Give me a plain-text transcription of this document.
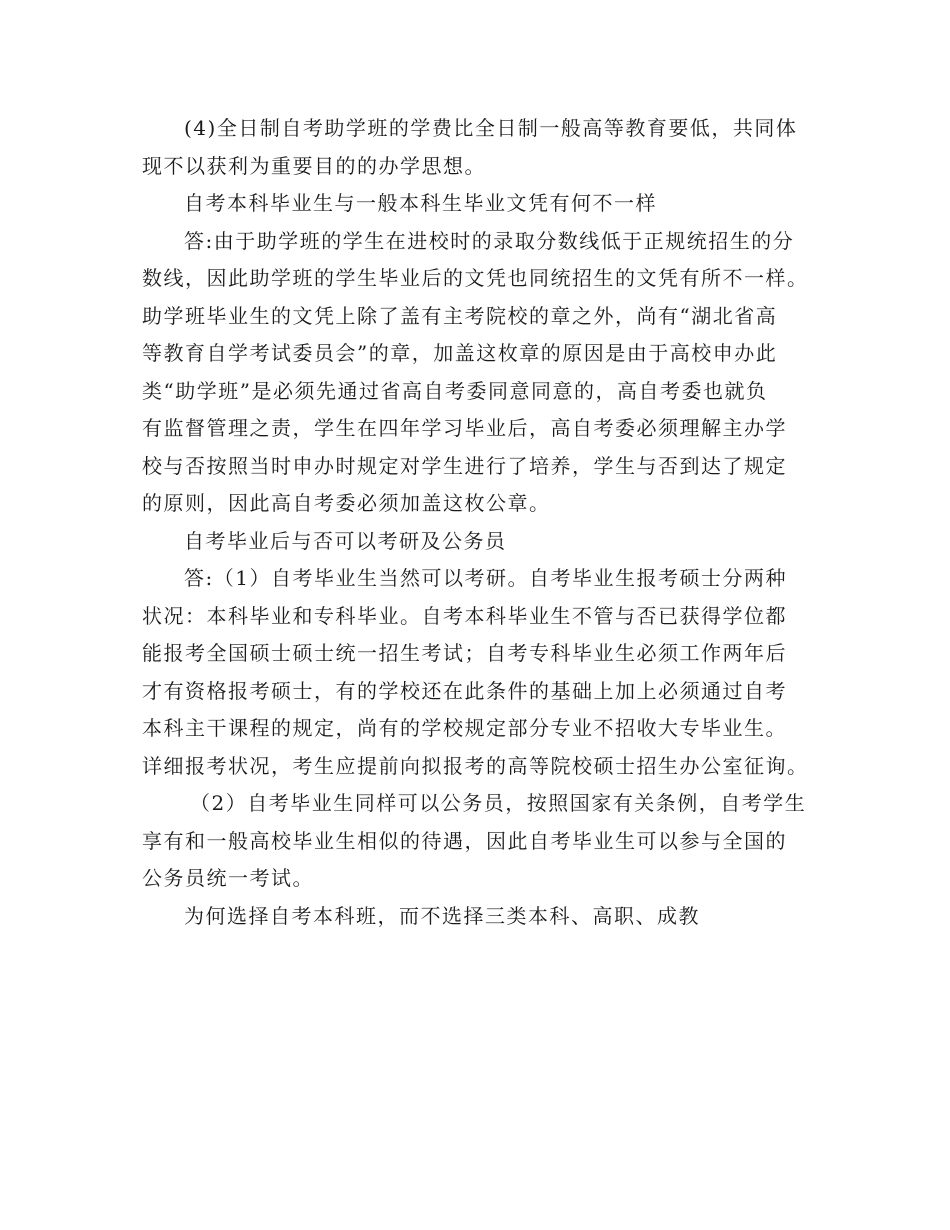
(4)全日制自考助学班的学费比全日制一般高等教育要低，共同体
现不以获利为重要目的的办学思想。
自考本科毕业生与一般本科生毕业文凭有何不一样
答:由于助学班的学生在进校时的录取分数线低于正规统招生的分
数线，因此助学班的学生毕业后的文凭也同统招生的文凭有所不一样。
助学班毕业生的文凭上除了盖有主考院校的章之外，尚有“湖北省高
等教育自学考试委员会”的章，加盖这枚章的原因是由于高校申办此
类“助学班”是必须先通过省高自考委同意同意的，高自考委也就负
有监督管理之责，学生在四年学习毕业后，高自考委必须理解主办学
校与否按照当时申办时规定对学生进行了培养，学生与否到达了规定
的原则，因此高自考委必须加盖这枚公章。
自考毕业后与否可以考研及公务员
答:（1）自考毕业生当然可以考研。自考毕业生报考硕士分两种
状况：本科毕业和专科毕业。自考本科毕业生不管与否已获得学位都
能报考全国硕士硕士统一招生考试；自考专科毕业生必须工作两年后
才有资格报考硕士，有的学校还在此条件的基础上加上必须通过自考
本科主干课程的规定，尚有的学校规定部分专业不招收大专毕业生。
详细报考状况，考生应提前向拟报考的高等院校硕士招生办公室征询。
（2）自考毕业生同样可以公务员，按照国家有关条例，自考学生
享有和一般高校毕业生相似的待遇，因此自考毕业生可以参与全国的
公务员统一考试。
为何选择自考本科班，而不选择三类本科、高职、成教
